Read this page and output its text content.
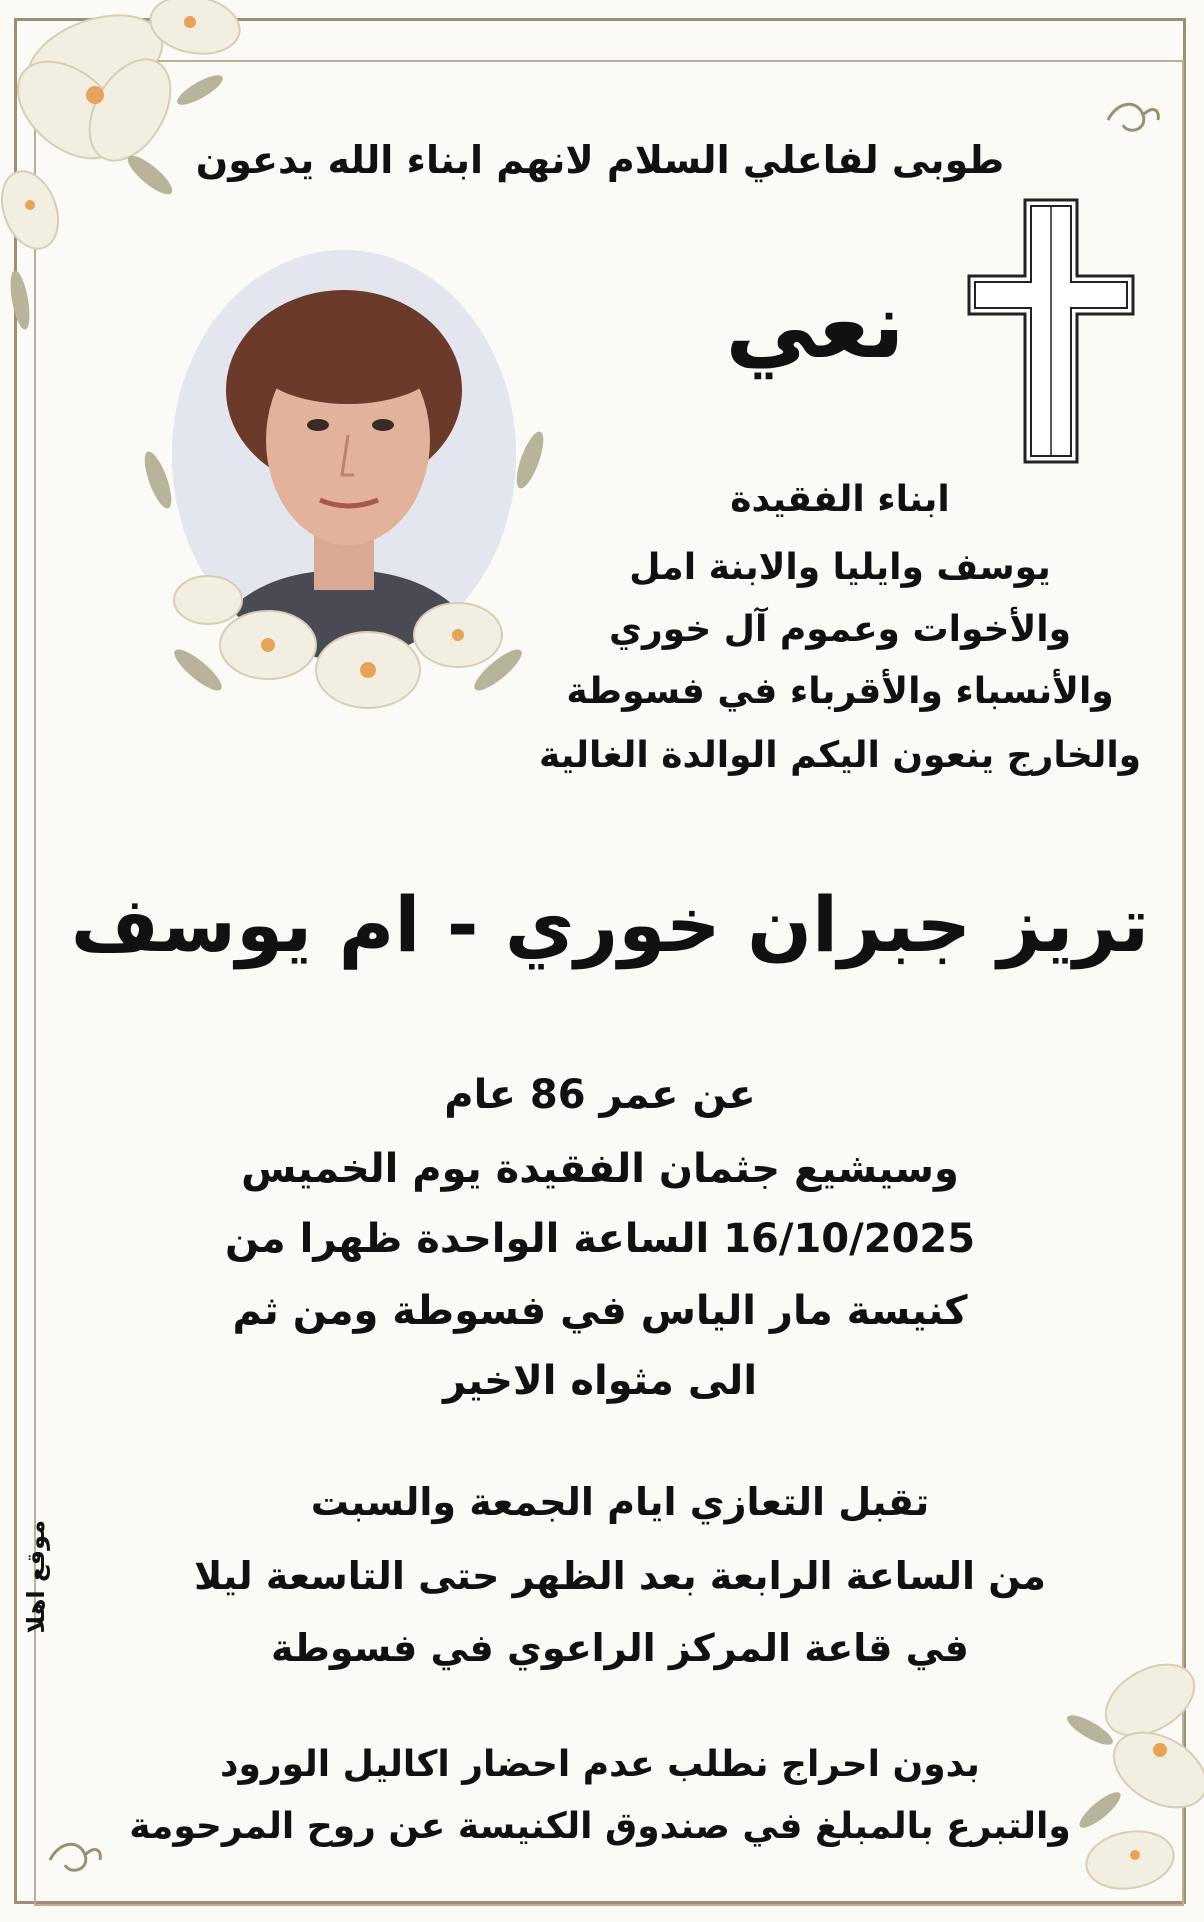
طوبى لفاعلي السلام لانهم ابناء الله يدعون
نعي
ابناء الفقيدة
يوسف وايليا والابنة امل
والأخوات وعموم آل خوري
والأنسباء والأقرباء في فسوطة
والخارج ينعون اليكم الوالدة الغالية
تريز جبران خوري - ام يوسف
عن عمر 86 عام
وسيشيع جثمان الفقيدة يوم الخميس
16/10/2025 الساعة الواحدة ظهرا من
كنيسة مار الياس في فسوطة ومن ثم
الى مثواه الاخير
تقبل التعازي ايام الجمعة والسبت
من الساعة الرابعة بعد الظهر حتى التاسعة ليلا
في قاعة المركز الراعوي في فسوطة
بدون احراج نطلب عدم احضار اكاليل الورود
والتبرع بالمبلغ في صندوق الكنيسة عن روح المرحومة
موقع اهلا
